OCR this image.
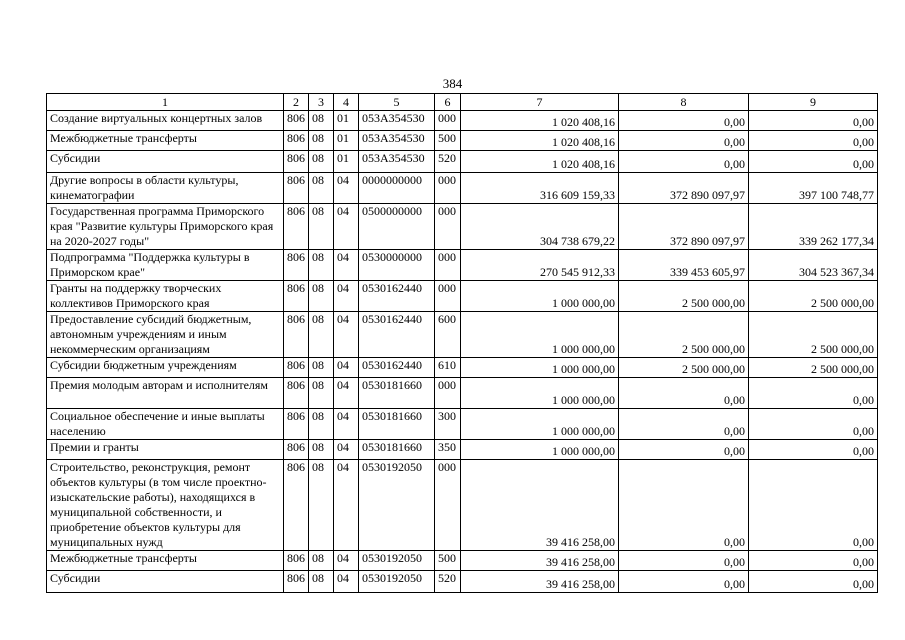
384
1	2	3	4	5	6	7	8	9
Создание виртуальных концертных залов	806	08	01	053A354530	000	1 020 408,16	0,00	0,00
Межбюджетные трансферты	806	08	01	053A354530	500	1 020 408,16	0,00	0,00
Субсидии	806	08	01	053A354530	520	1 020 408,16	0,00	0,00
Другие вопросы в области культуры, кинематографии	806	08	04	0000000000	000	316 609 159,33	372 890 097,97	397 100 748,77
Государственная программа Приморского края "Развитие культуры Приморского края на 2020-2027 годы"	806	08	04	0500000000	000	304 738 679,22	372 890 097,97	339 262 177,34
Подпрограмма "Поддержка культуры в Приморском крае"	806	08	04	0530000000	000	270 545 912,33	339 453 605,97	304 523 367,34
Гранты на поддержку творческих коллективов Приморского края	806	08	04	0530162440	000	1 000 000,00	2 500 000,00	2 500 000,00
Предоставление субсидий бюджетным, автономным учреждениям и иным некоммерческим организациям	806	08	04	0530162440	600	1 000 000,00	2 500 000,00	2 500 000,00
Субсидии бюджетным учреждениям	806	08	04	0530162440	610	1 000 000,00	2 500 000,00	2 500 000,00
Премия молодым авторам и исполнителям	806	08	04	0530181660	000	1 000 000,00	0,00	0,00
Социальное обеспечение и иные выплаты населению	806	08	04	0530181660	300	1 000 000,00	0,00	0,00
Премии и гранты	806	08	04	0530181660	350	1 000 000,00	0,00	0,00
Строительство, реконструкция, ремонт объектов культуры (в том числе проектно-изыскательские работы), находящихся в муниципальной собственности, и приобретение объектов культуры для муниципальных нужд	806	08	04	0530192050	000	39 416 258,00	0,00	0,00
Межбюджетные трансферты	806	08	04	0530192050	500	39 416 258,00	0,00	0,00
Субсидии	806	08	04	0530192050	520	39 416 258,00	0,00	0,00
